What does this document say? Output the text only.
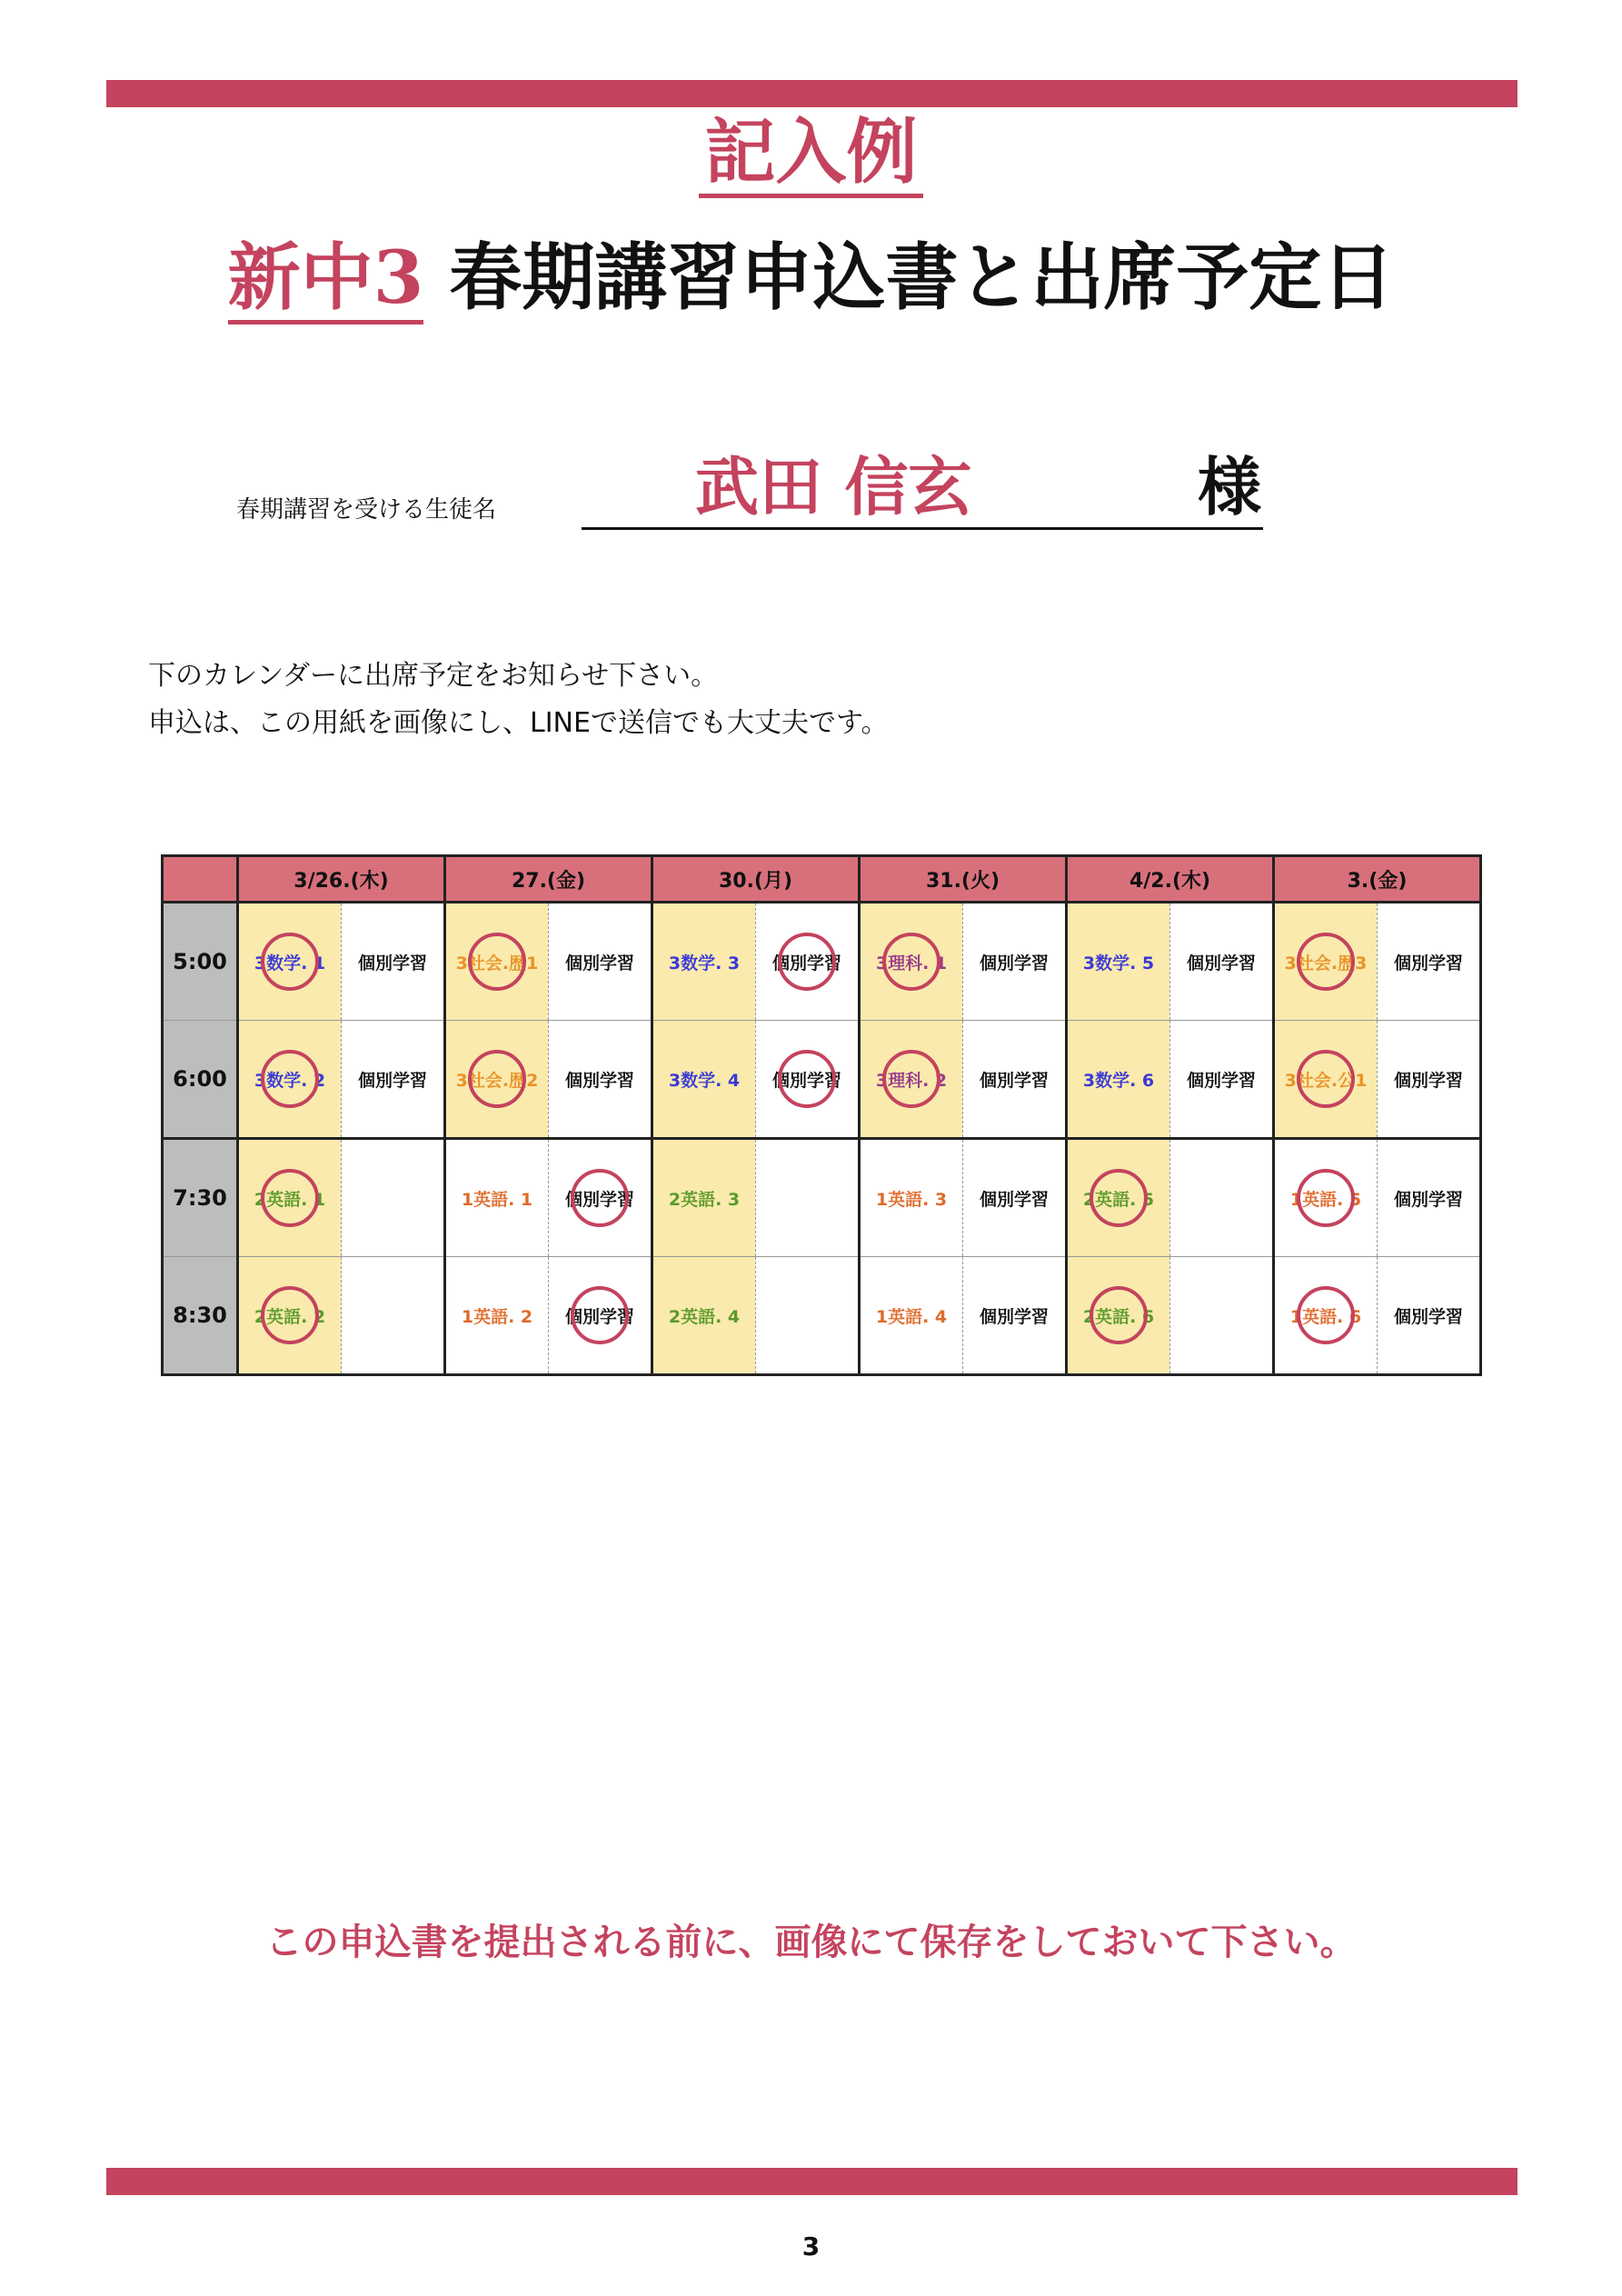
記入例
新中3 春期講習申込書と出席予定日
春期講習を受ける生徒名	武田 信玄	様
下のカレンダーに出席予定をお知らせ下さい。
申込は、この用紙を画像にし、LINEで送信でも大丈夫です。
	3/26.(木)		27.(金)		30.(月)		31.(火)		4/2.(木)		3.(金)	
5:00	3数学. 1	個別学習	3社会.歴1	個別学習	3数学. 3	個別学習	3理科. 1	個別学習	3数学. 5	個別学習	3社会.歴3	個別学習
6:00	3数学. 2	個別学習	3社会.歴2	個別学習	3数学. 4	個別学習	3理科. 2	個別学習	3数学. 6	個別学習	3社会.公1	個別学習
7:30	2英語. 1		1英語. 1	個別学習	2英語. 3		1英語. 3	個別学習	2英語. 5		1英語. 5	個別学習
8:30	2英語. 2		1英語. 2	個別学習	2英語. 4		1英語. 4	個別学習	2英語. 6		1英語. 6	個別学習
この申込書を提出される前に、画像にて保存をしておいて下さい。
3
